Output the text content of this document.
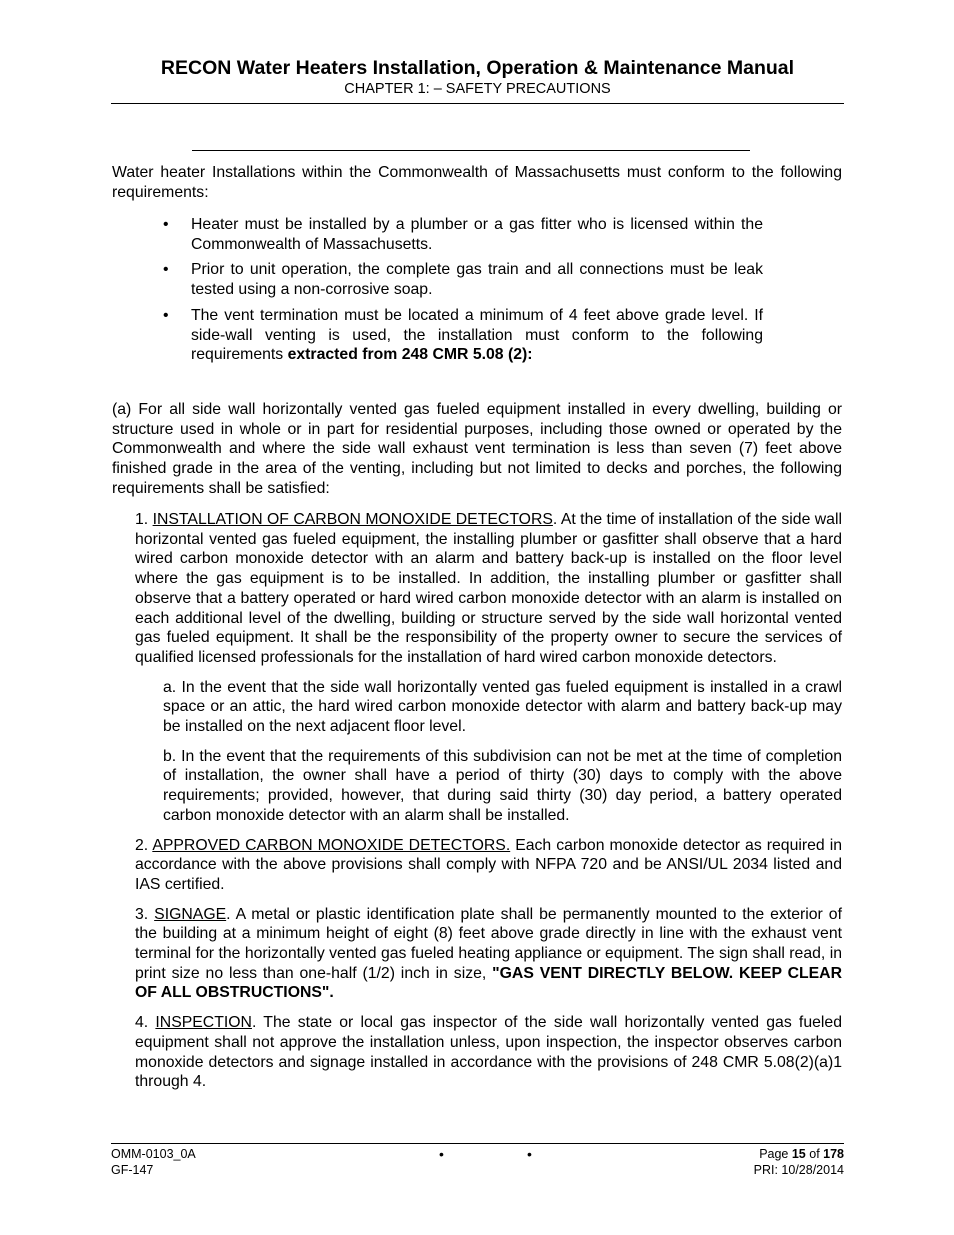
RECON Water Heaters Installation, Operation & Maintenance Manual
CHAPTER 1: – SAFETY PRECAUTIONS
Water heater Installations within the Commonwealth of Massachusetts must conform to the following requirements:
• Heater must be installed by a plumber or a gas fitter who is licensed within the Commonwealth of Massachusetts.
• Prior to unit operation, the complete gas train and all connections must be leak tested using a non-corrosive soap.
• The vent termination must be located a minimum of 4 feet above grade level. If side-wall venting is used, the installation must conform to the following requirements extracted from 248 CMR 5.08 (2):
(a) For all side wall horizontally vented gas fueled equipment installed in every dwelling, building or structure used in whole or in part for residential purposes, including those owned or operated by the Commonwealth and where the side wall exhaust vent termination is less than seven (7) feet above finished grade in the area of the venting, including but not limited to decks and porches, the following requirements shall be satisfied:
1. INSTALLATION OF CARBON MONOXIDE DETECTORS. At the time of installation of the side wall horizontal vented gas fueled equipment, the installing plumber or gasfitter shall observe that a hard wired carbon monoxide detector with an alarm and battery back-up is installed on the floor level where the gas equipment is to be installed. In addition, the installing plumber or gasfitter shall observe that a battery operated or hard wired carbon monoxide detector with an alarm is installed on each additional level of the dwelling, building or structure served by the side wall horizontal vented gas fueled equipment. It shall be the responsibility of the property owner to secure the services of qualified licensed professionals for the installation of hard wired carbon monoxide detectors.
a. In the event that the side wall horizontally vented gas fueled equipment is installed in a crawl space or an attic, the hard wired carbon monoxide detector with alarm and battery back-up may be installed on the next adjacent floor level.
b. In the event that the requirements of this subdivision can not be met at the time of completion of installation, the owner shall have a period of thirty (30) days to comply with the above requirements; provided, however, that during said thirty (30) day period, a battery operated carbon monoxide detector with an alarm shall be installed.
2. APPROVED CARBON MONOXIDE DETECTORS. Each carbon monoxide detector as required in accordance with the above provisions shall comply with NFPA 720 and be ANSI/UL 2034 listed and IAS certified.
3. SIGNAGE. A metal or plastic identification plate shall be permanently mounted to the exterior of the building at a minimum height of eight (8) feet above grade directly in line with the exhaust vent terminal for the horizontally vented gas fueled heating appliance or equipment. The sign shall read, in print size no less than one-half (1/2) inch in size, "GAS VENT DIRECTLY BELOW. KEEP CLEAR OF ALL OBSTRUCTIONS".
4. INSPECTION. The state or local gas inspector of the side wall horizontally vented gas fueled equipment shall not approve the installation unless, upon inspection, the inspector observes carbon monoxide detectors and signage installed in accordance with the provisions of 248 CMR 5.08(2)(a)1 through 4.
OMM-0103_0A
GF-147
•	•	Page 15 of 178
PRI: 10/28/2014
